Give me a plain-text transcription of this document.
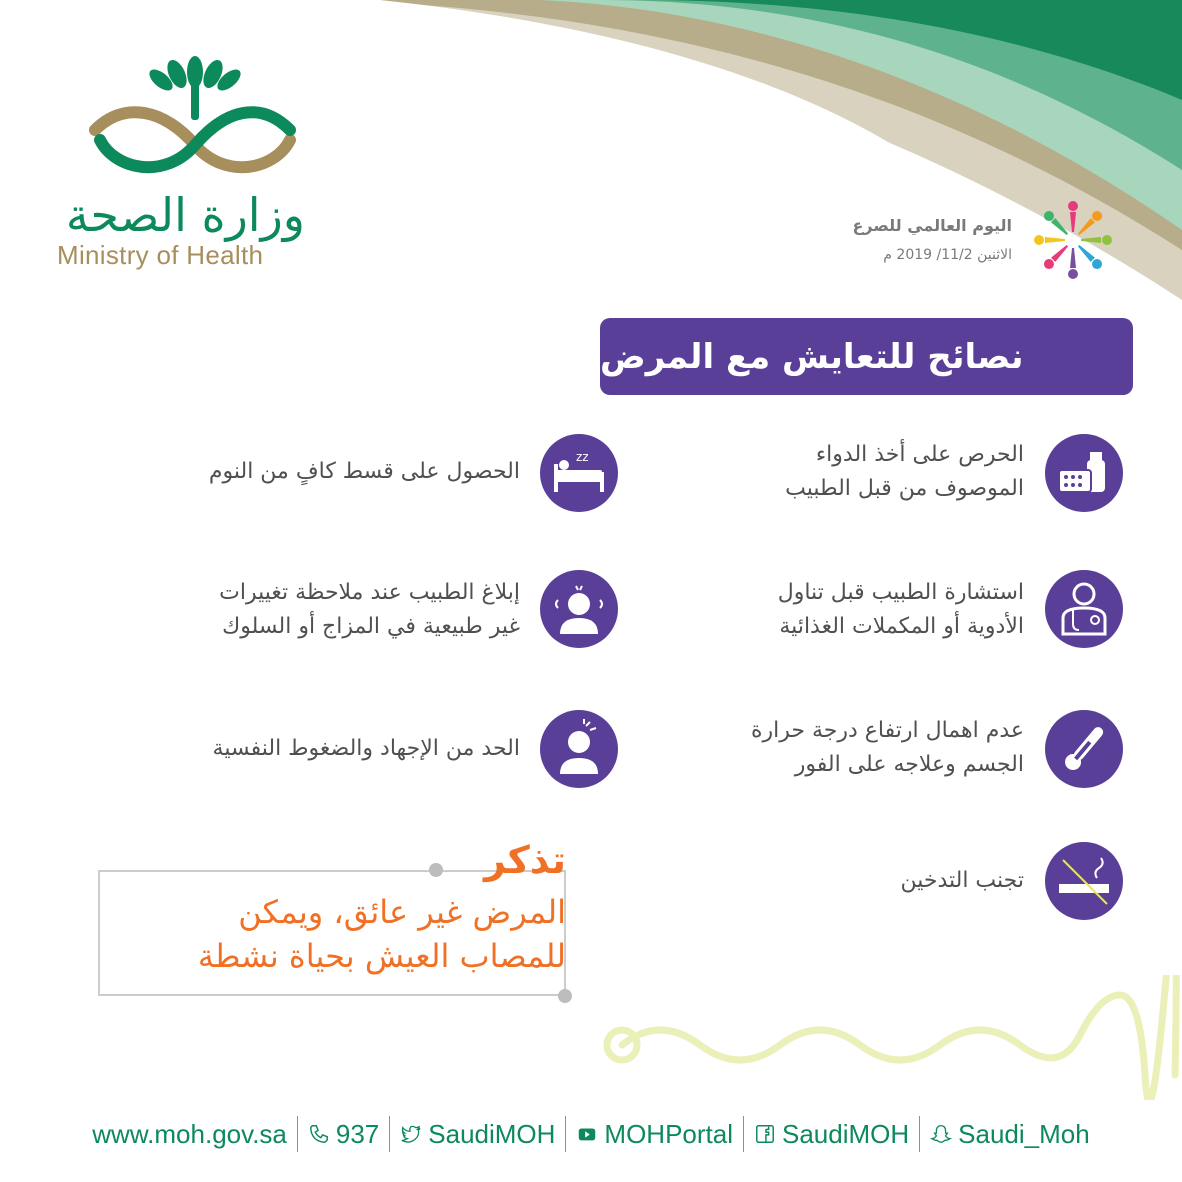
وزارة الصحة
Ministry of Health
اليوم العالمي للصرع
الاثنين 11/2/ 2019 م
نصائح للتعايش مع المرض
الحرص على أخذ الدواء
الموصوف من قبل الطبيب
zz
الحصول على قسط كافٍ من النوم
استشارة الطبيب قبل تناول
الأدوية أو المكملات الغذائية
إبلاغ الطبيب عند ملاحظة تغييرات
غير طبيعية في المزاج أو السلوك
عدم اهمال ارتفاع درجة حرارة
الجسم وعلاجه على الفور
الحد من الإجهاد والضغوط النفسية
تجنب التدخين
تذكر
المرض غير عائق، ويمكن
للمصاب العيش بحياة نشطة
www.moh.gov.sa 937 SaudiMOH MOHPortal SaudiMOH Saudi_Moh
